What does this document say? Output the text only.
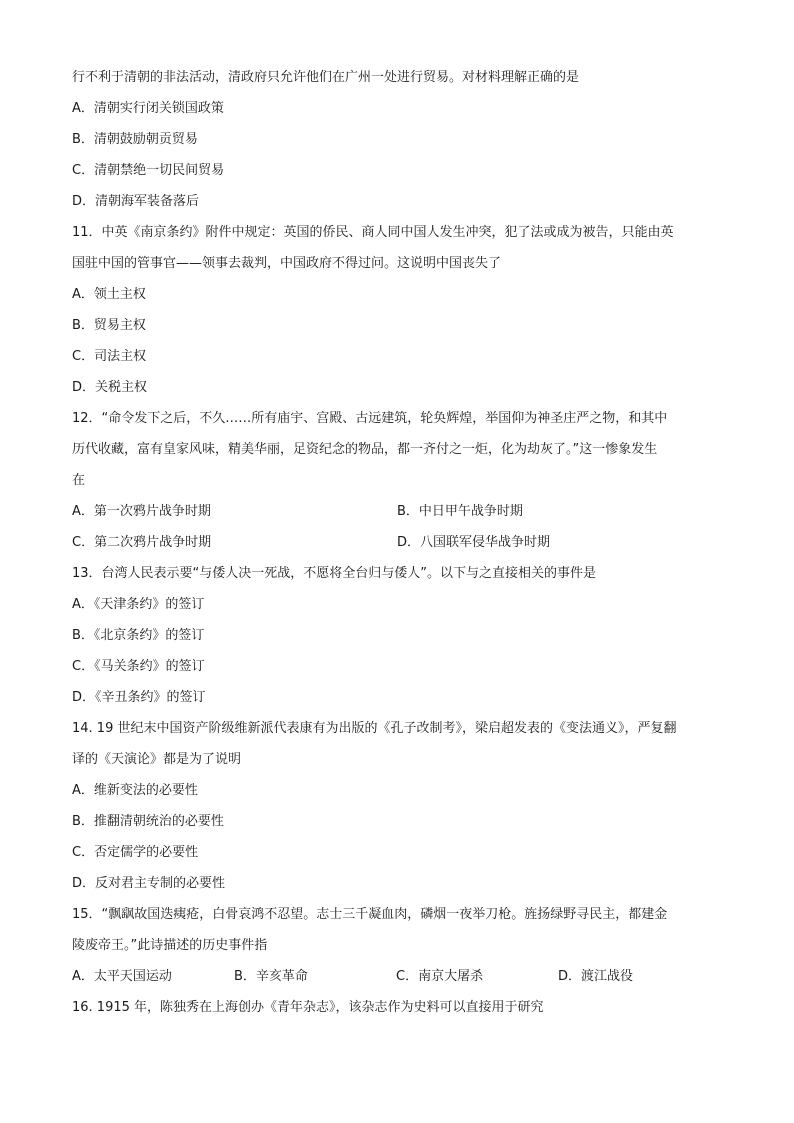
行不利于清朝的非法活动，清政府只允许他们在广州一处进行贸易。对材料理解正确的是
A．清朝实行闭关锁国政策
B．清朝鼓励朝贡贸易
C．清朝禁绝一切民间贸易
D．清朝海军装备落后
11．中英《南京条约》附件中规定：英国的侨民、商人同中国人发生冲突，犯了法或成为被告，只能由英
国驻中国的管事官——领事去裁判，中国政府不得过问。这说明中国丧失了
A．领土主权
B．贸易主权
C．司法主权
D．关税主权
12．“命令发下之后，不久……所有庙宇、宫殿、古远建筑，轮奂辉煌，举国仰为神圣庄严之物，和其中
历代收藏，富有皇家风味，精美华丽，足资纪念的物品，都一齐付之一炬，化为劫灰了。”这一惨象发生
在
A．第一次鸦片战争时期	B．中日甲午战争时期
C．第二次鸦片战争时期	D．八国联军侵华战争时期
13．台湾人民表示要“与倭人决一死战，不愿将全台归与倭人”。以下与之直接相关的事件是
A．《天津条约》的签订
B．《北京条约》的签订
C．《马关条约》的签订
D．《辛丑条约》的签订
14. 19 世纪末中国资产阶级维新派代表康有为出版的《孔子改制考》，梁启超发表的《变法通义》，严复翻
译的《天演论》都是为了说明
A．维新变法的必要性
B．推翻清朝统治的必要性
C．否定儒学的必要性
D．反对君主专制的必要性
15．“飘飖故国迭痍疮，白骨哀鸿不忍望。志士三千凝血肉，磷烟一夜举刀枪。旌扬绿野寻民主，都建金
陵废帝王。”此诗描述的历史事件指
A．太平天国运动	B．辛亥革命	C．南京大屠杀	D．渡江战役
16. 1915 年，陈独秀在上海创办《青年杂志》，该杂志作为史料可以直接用于研究
